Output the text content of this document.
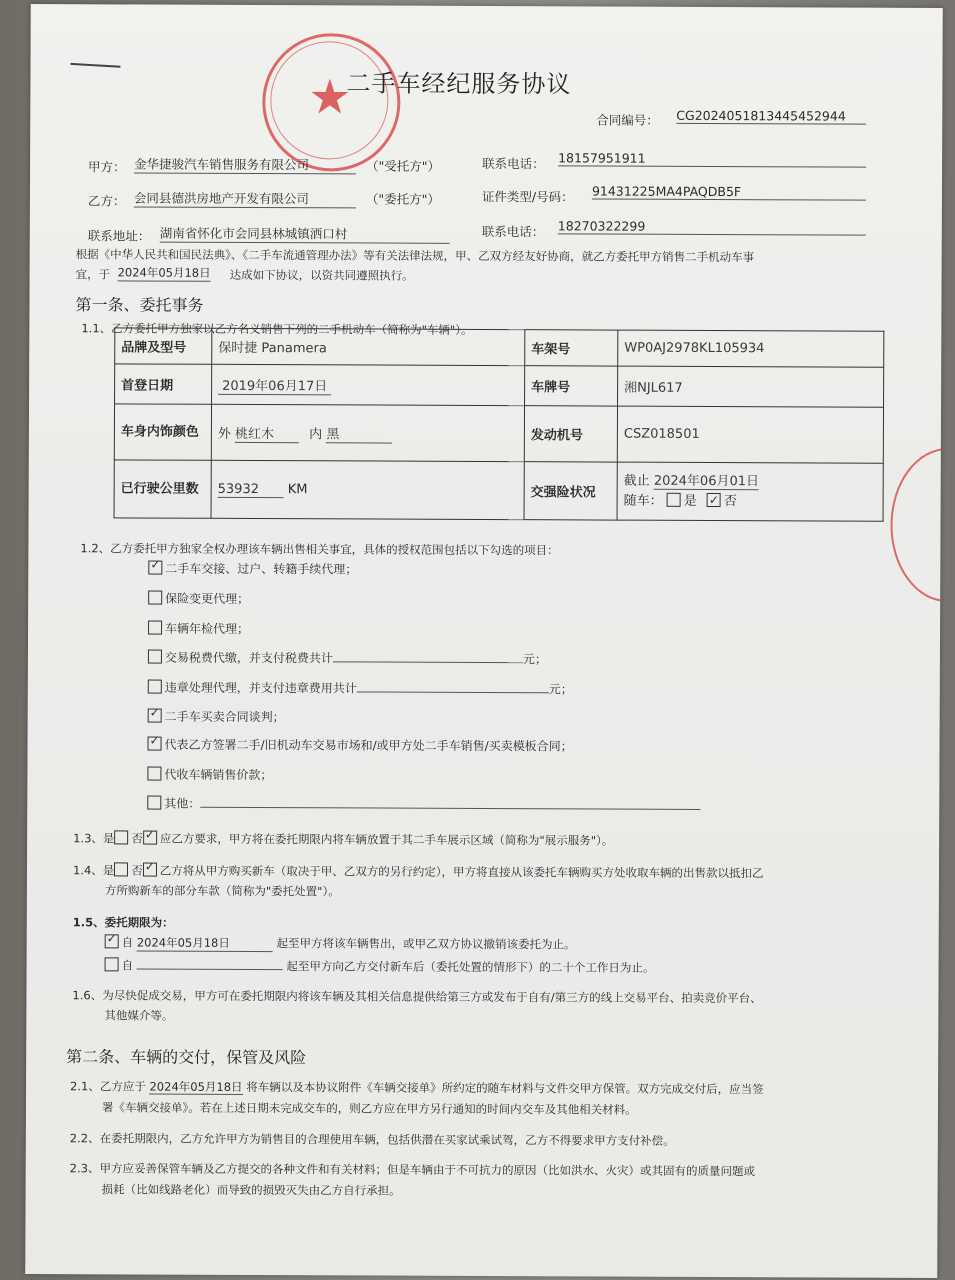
★
二手车经纪服务协议
合同编号： CG2024051813445452944
甲方： 金华捷骏汽车销售服务有限公司	（"受托方"）	联系电话： 18157951911
乙方： 会同县德洪房地产开发有限公司	（"委托方"）	证件类型/号码： 91431225MA4PAQDB5F
联系地址： 湖南省怀化市会同县林城镇洒口村	联系电话： 18270322299
根据《中华人民共和国民法典》、《二手车流通管理办法》等有关法律法规，甲、乙双方经友好协商，就乙方委托甲方销售二手机动车事
宜，于 2024年05月18日 达成如下协议，以资共同遵照执行。
第一条、委托事务
1.1、乙方委托甲方独家以乙方名义销售下列的二手机动车（简称为"车辆"）。
品牌及型号	保时捷 Panamera	车架号	WP0AJ2978KL105934
首登日期	2019年06月17日	车牌号	湘NJL617
车身内饰颜色	外 桃红木 内 黑	发动机号	CSZ018501
已行驶公里数	53932 KM	交强险状况	截止 2024年06月01日
随车： 是 ✓ 否
1.2、乙方委托甲方独家全权办理该车辆出售相关事宜，具体的授权范围包括以下勾选的项目：
✓二手车交接、过户、转籍手续代理；
保险变更代理；
车辆年检代理；
交易税费代缴，并支付税费共计	元；
违章处理代理，并支付违章费用共计	元；
✓二手车买卖合同谈判；
✓代表乙方签署二手/旧机动车交易市场和/或甲方处二手车销售/买卖模板合同；
代收车辆销售价款；
其他：
1.3、是 否 ✓ 应乙方要求，甲方将在委托期限内将车辆放置于其二手车展示区域（简称为"展示服务"）。
1.4、是 否 ✓ 乙方将从甲方购买新车（取决于甲、乙双方的另行约定），甲方将直接从该委托车辆购买方处收取车辆的出售款以抵扣乙
方所购新车的部分车款（简称为"委托处置"）。
1.5、委托期限为：
✓自 2024年05月18日	起至甲方将该车辆售出，或甲乙双方协议撤销该委托为止。
自	起至甲方向乙方交付新车后（委托处置的情形下）的二十个工作日为止。
1.6、为尽快促成交易，甲方可在委托期限内将该车辆及其相关信息提供给第三方或发布于自有/第三方的线上交易平台、拍卖竞价平台、
其他媒介等。
第二条、车辆的交付，保管及风险
2.1、乙方应于 2024年05月18日 将车辆以及本协议附件《车辆交接单》所约定的随车材料与文件交甲方保管。双方完成交付后，应当签
署《车辆交接单》。若在上述日期未完成交车的，则乙方应在甲方另行通知的时间内交车及其他相关材料。
2.2、在委托期限内，乙方允许甲方为销售目的合理使用车辆，包括供潜在买家试乘试驾，乙方不得要求甲方支付补偿。
2.3、甲方应妥善保管车辆及乙方提交的各种文件和有关材料；但是车辆由于不可抗力的原因（比如洪水、火灾）或其固有的质量问题或
损耗（比如线路老化）而导致的损毁灭失由乙方自行承担。
